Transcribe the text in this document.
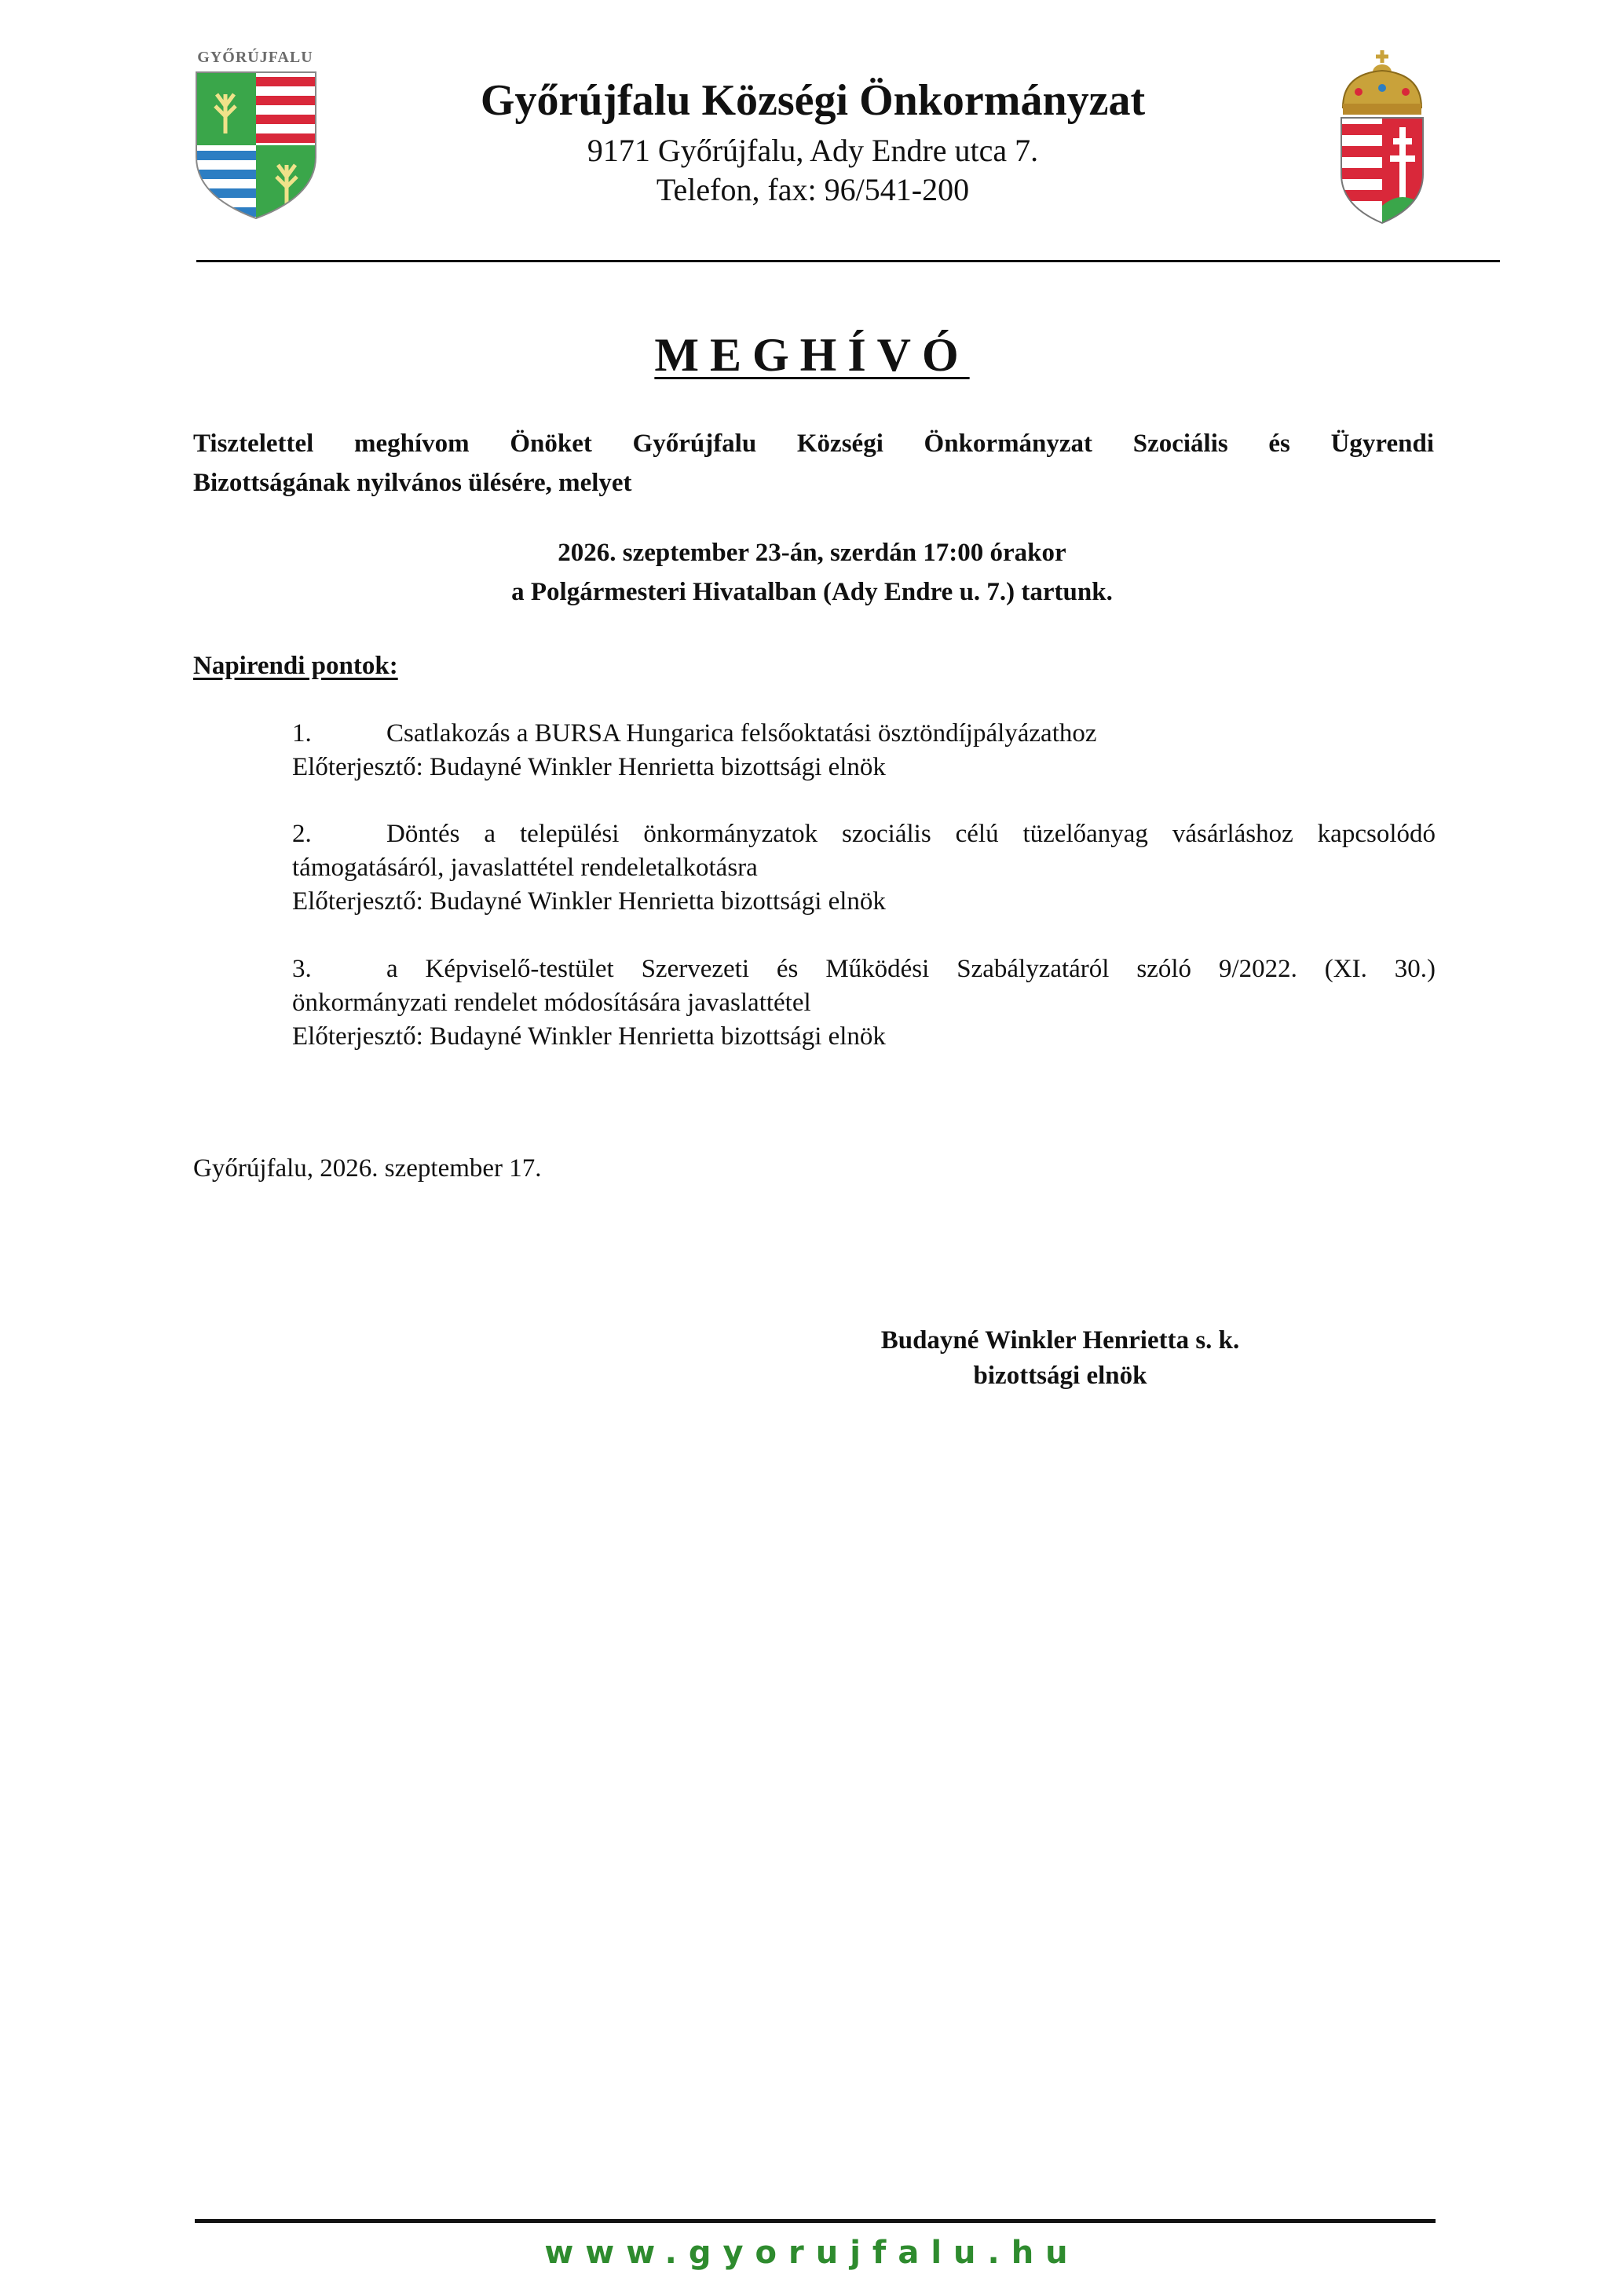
GYŐRÚJFALU
Győrújfalu Községi Önkormányzat
9171 Győrújfalu, Ady Endre utca 7.
Telefon, fax: 96/541-200
MEGHÍVÓ
Tisztelettel meghívom Önöket Győrújfalu Községi Önkormányzat Szociális és Ügyrendi
Bizottságának nyilvános ülésére, melyet
2026. szeptember 23-án, szerdán 17:00 órakor
a Polgármesteri Hivatalban (Ady Endre u. 7.) tartunk.
Napirendi pontok:
1.	Csatlakozás a BURSA Hungarica felsőoktatási ösztöndíjpályázathoz
Előterjesztő: Budayné Winkler Henrietta bizottsági elnök
2.	Döntés a települési önkormányzatok szociális célú tüzelőanyag vásárláshoz kapcsolódó
támogatásáról, javaslattétel rendeletalkotásra
Előterjesztő: Budayné Winkler Henrietta bizottsági elnök
3.	a Képviselő-testület Szervezeti és Működési Szabályzatáról szóló 9/2022. (XI. 30.)
önkormányzati rendelet módosítására javaslattétel
Előterjesztő: Budayné Winkler Henrietta bizottsági elnök
Győrújfalu, 2026. szeptember 17.
Budayné Winkler Henrietta s. k.
bizottsági elnök
www.gyorujfalu.hu
